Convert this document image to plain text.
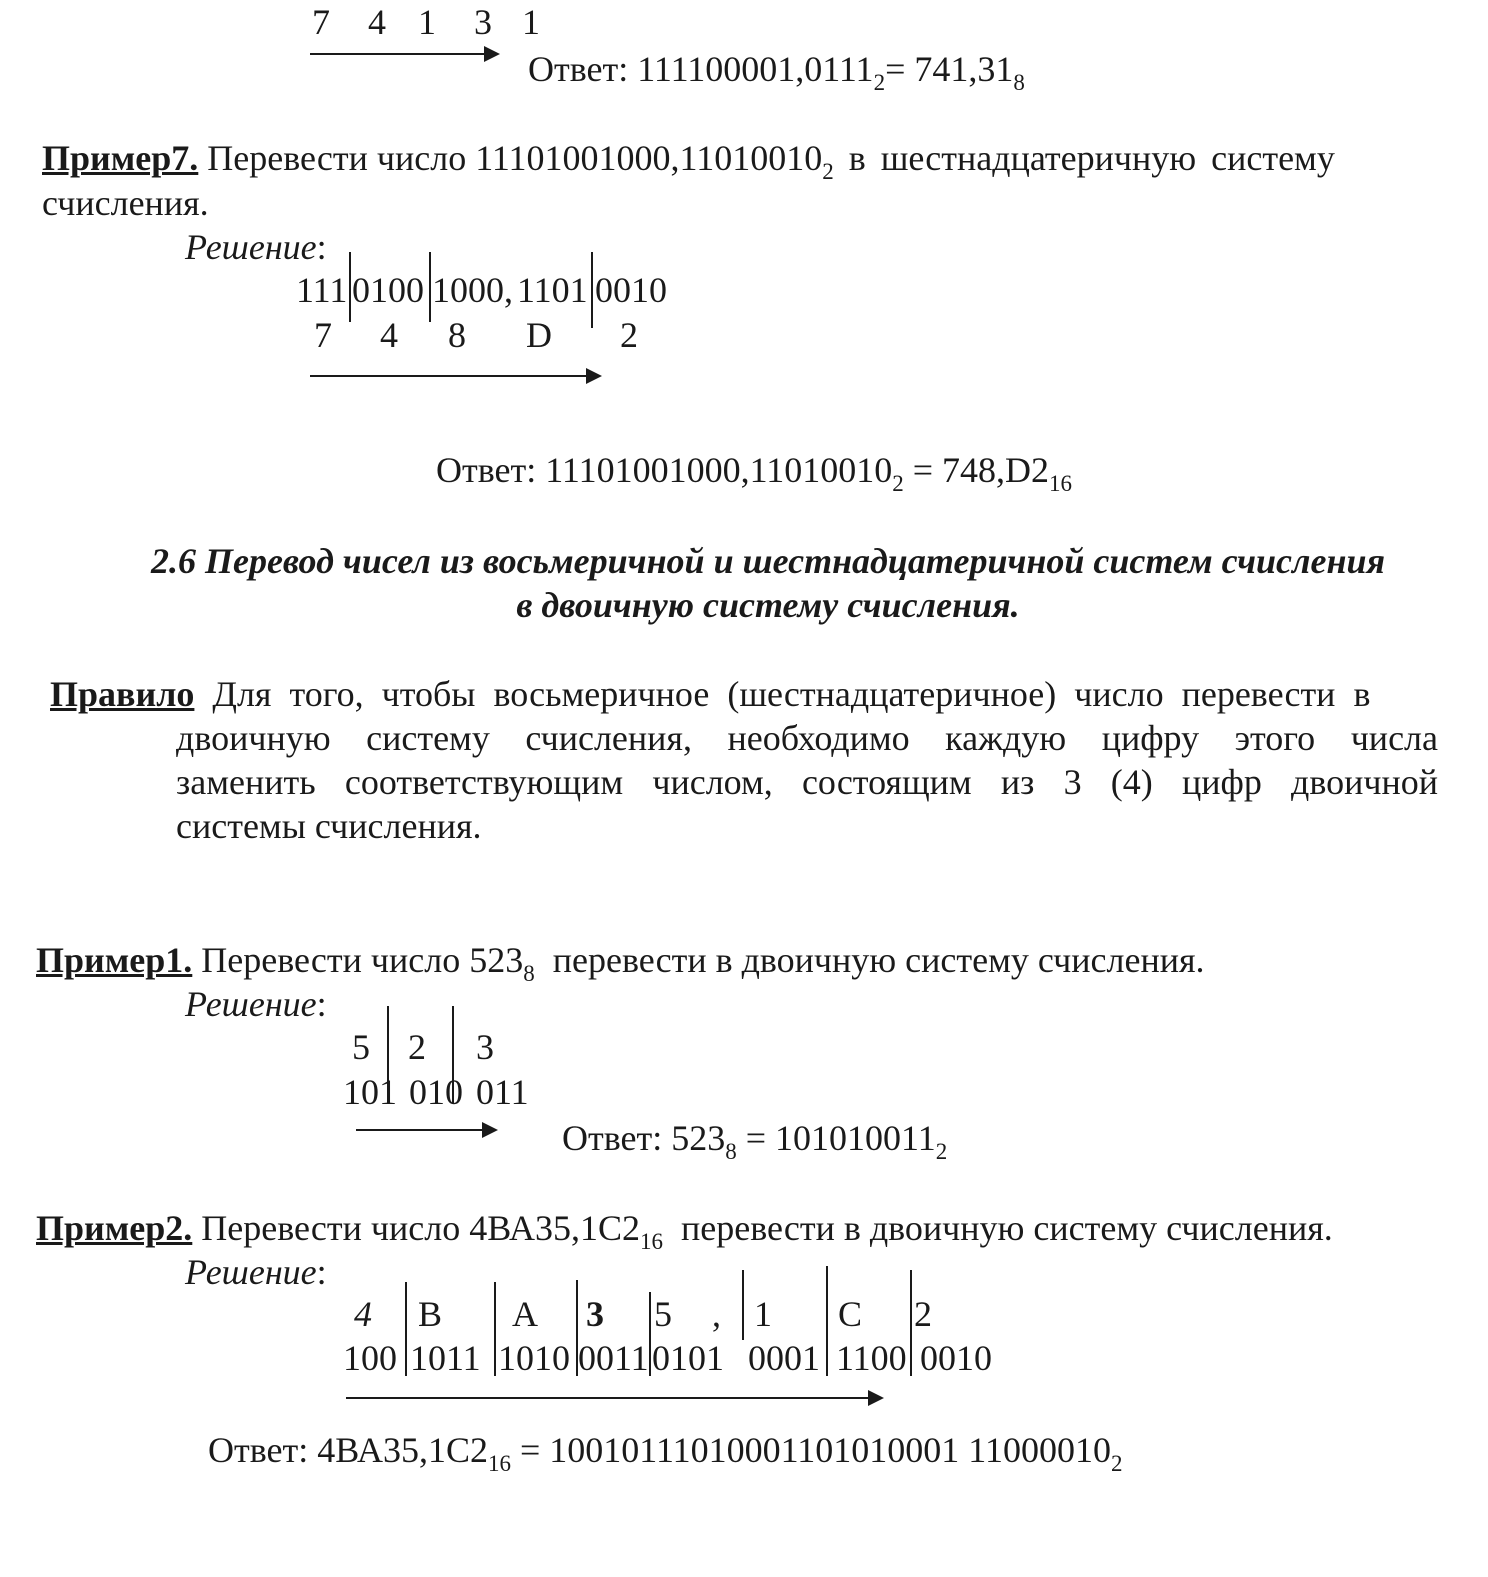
7 4 1 3 1
Ответ: $111100001,0111_2= 741,31_8$
Пример7. Перевести число $11101001000,11010010_2$ в шестнадцатеричную систему
счисления.
Решение:
111 0100 1000, 1101 0010
7 4 8 D 2
Ответ: $11101001000,11010010_2 = 748,D2_{16}$
2.6 Перевод чисел из восьмеричной и шестнадцатеричной систем счисления
в двоичную систему счисления.
Правило Для того, чтобы восьмеричное (шестнадцатеричное) число перевести в
двоичную систему счисления, необходимо каждую цифру этого числа
заменить соответствующим числом, состоящим из 3 (4) цифр двоичной
системы счисления.
Пример1. Перевести число $523_8$  перевести в двоичную систему счисления.
Решение:
5 2 3
101 010 011
Ответ: $523_8 = 101010011_2$
Пример2. Перевести число $4ВА35,1С2_{16}$  перевести в двоичную систему счисления.
Решение:
4 В А 3 5 , 1 С 2
100 1011 1010 0011 0101 0001 1100 0010
Ответ: $4ВА35,1С2_{16} = 10010111010001101010001$ $11000010_2$
